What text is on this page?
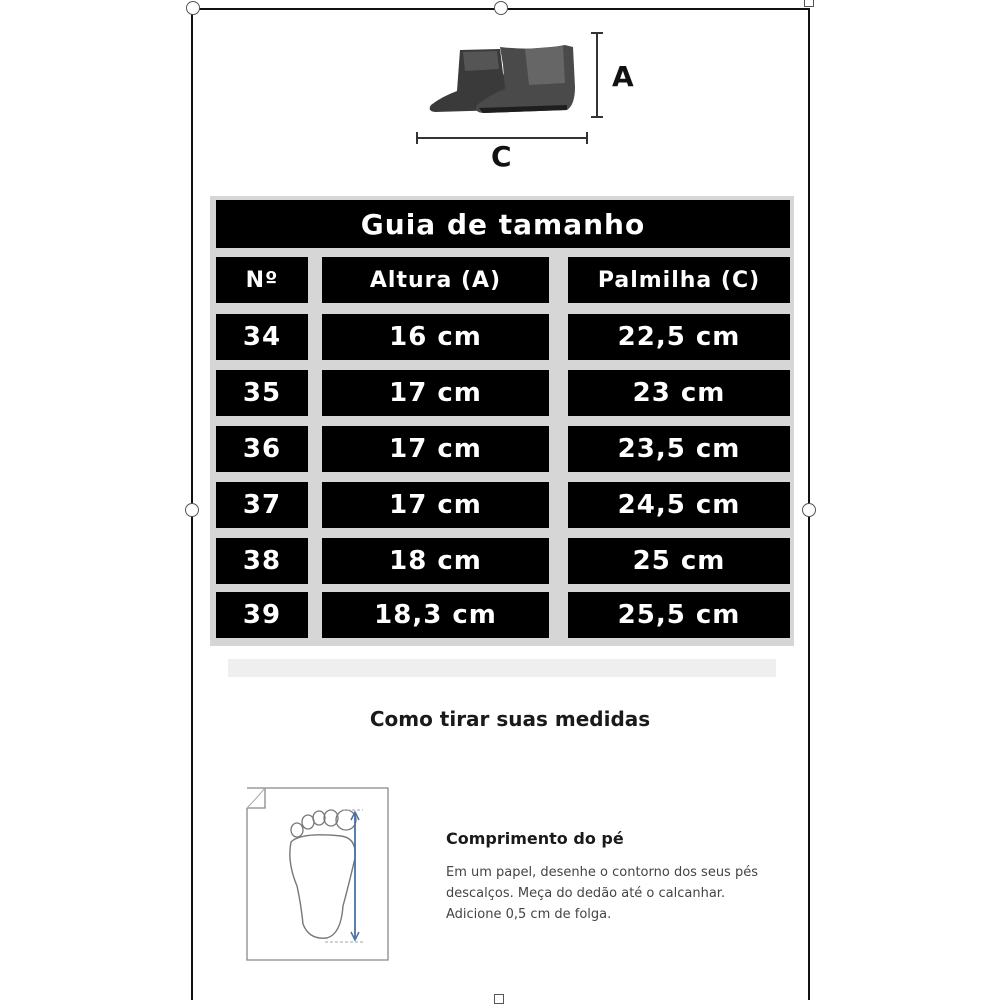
A
C
Guia de tamanho
Nº	Altura (A)	Palmilha (C)
34	16 cm	22,5 cm
35	17 cm	23 cm
36	17 cm	23,5 cm
37	17 cm	24,5 cm
38	18 cm	25 cm
39	18,3 cm	25,5 cm
Como tirar suas medidas
Comprimento do pé
Em um papel, desenhe o contorno dos seus pés descalços. Meça do dedão até o calcanhar. Adicione 0,5 cm de folga.
